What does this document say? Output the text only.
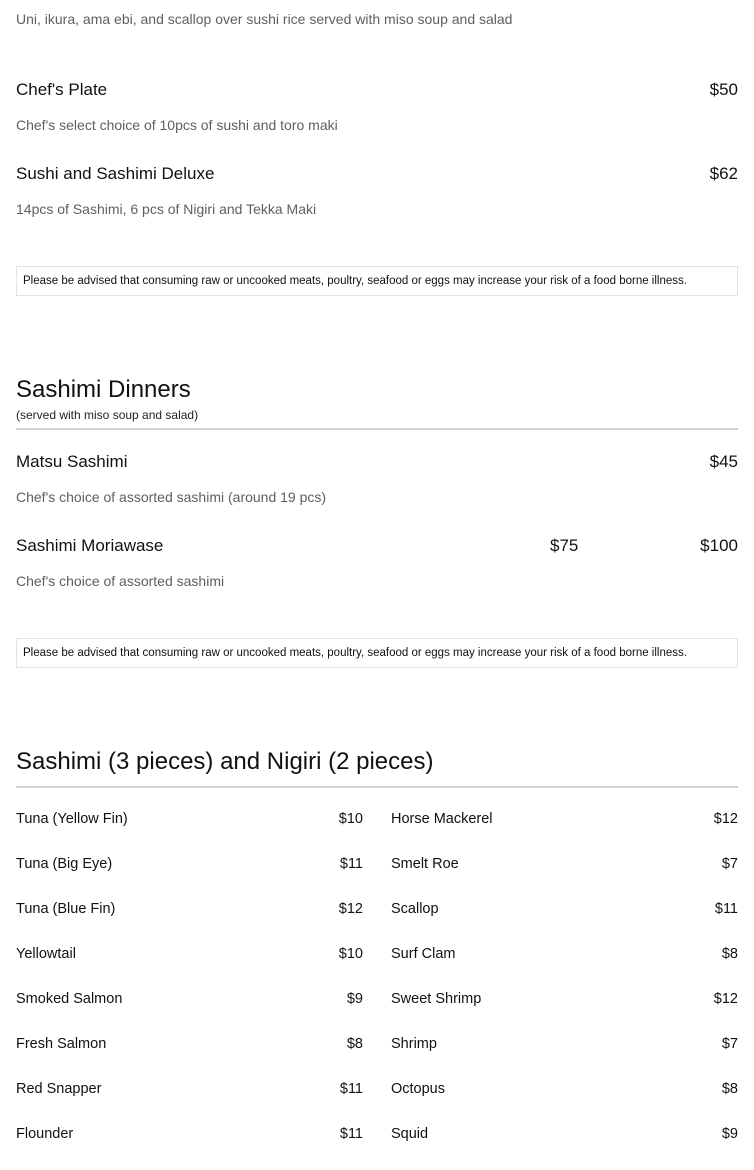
Uni, ikura, ama ebi, and scallop over sushi rice served with miso soup and salad
Chef's Plate	$50
Chef's select choice of 10pcs of sushi and toro maki
Sushi and Sashimi Deluxe	$62
14pcs of Sashimi, 6 pcs of Nigiri and Tekka Maki
Please be advised that consuming raw or uncooked meats, poultry, seafood or eggs may increase your risk of a food borne illness.
Sashimi Dinners
(served with miso soup and salad)
Matsu Sashimi	$45
Chef's choice of assorted sashimi (around 19 pcs)
Sashimi Moriawase	$75	$100
Chef's choice of assorted sashimi
Please be advised that consuming raw or uncooked meats, poultry, seafood or eggs may increase your risk of a food borne illness.
Sashimi (3 pieces) and Nigiri (2 pieces)
Tuna (Yellow Fin)	$10
Tuna (Big Eye)	$11
Tuna (Blue Fin)	$12
Yellowtail	$10
Smoked Salmon	$9
Fresh Salmon	$8
Red Snapper	$11
Flounder	$11
Horse Mackerel	$12
Smelt Roe	$7
Scallop	$11
Surf Clam	$8
Sweet Shrimp	$12
Shrimp	$7
Octopus	$8
Squid	$9
